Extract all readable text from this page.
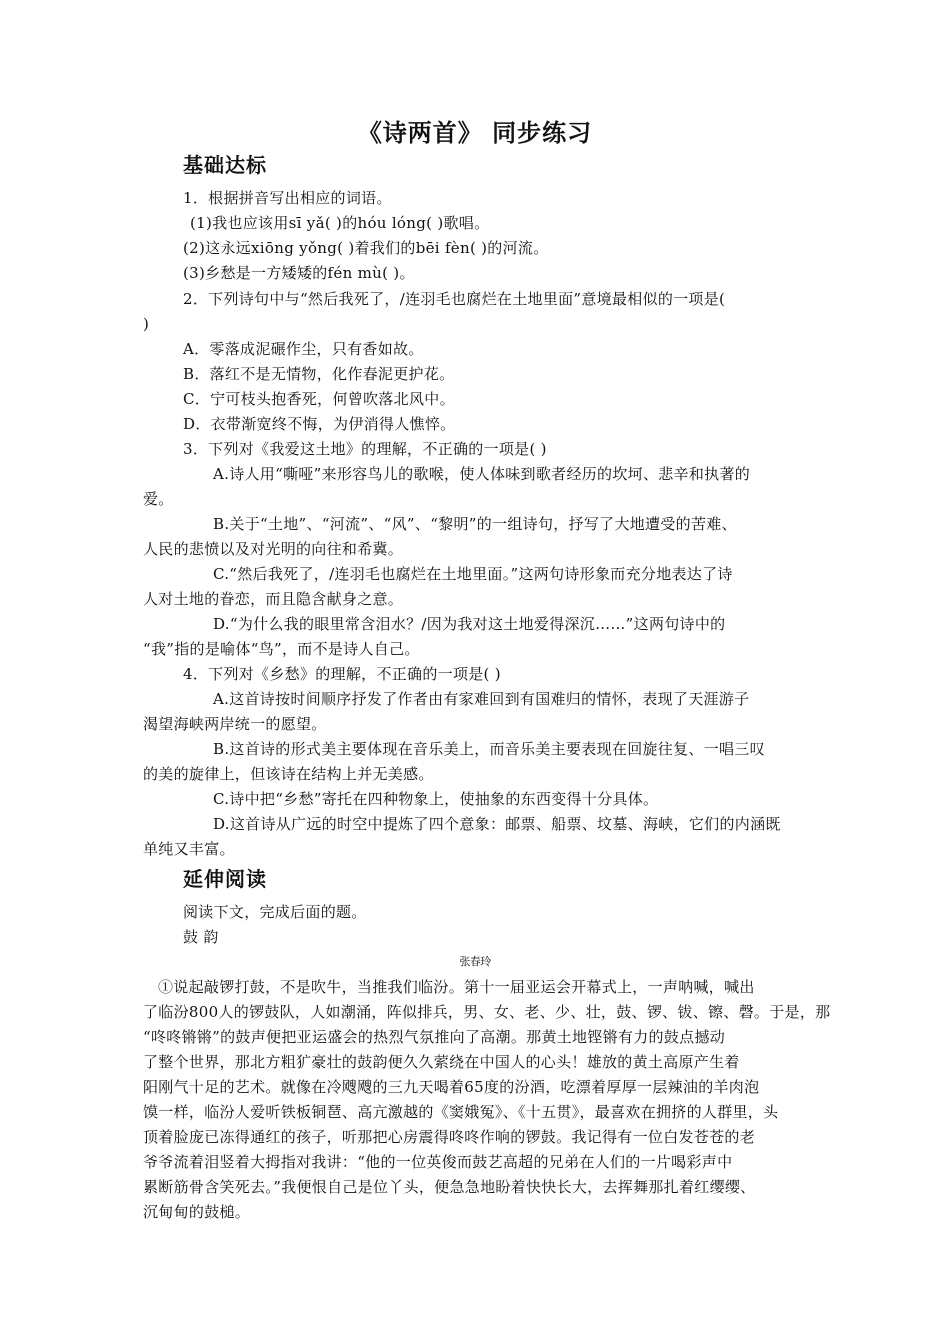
《诗两首》 同步练习
基础达标
1．根据拼音写出相应的词语。
(1)我也应该用sī yǎ( )的hóu lóng( )歌唱。
(2)这永远xiōng yǒng( )着我们的bēi fèn( )的河流。
(3)乡愁是一方矮矮的fén mù( )。
2．下列诗句中与“然后我死了，/连羽毛也腐烂在土地里面”意境最相似的一项是(
)
A．零落成泥碾作尘，只有香如故。
B．落红不是无情物，化作春泥更护花。
C．宁可枝头抱香死，何曾吹落北风中。
D．衣带渐宽终不悔，为伊消得人憔悴。
3．下列对《我爱这土地》的理解，不正确的一项是( )
A.诗人用“嘶哑”来形容鸟儿的歌喉，使人体味到歌者经历的坎坷、悲辛和执著的
爱。
B.关于“土地”、“河流”、“风”、“黎明”的一组诗句，抒写了大地遭受的苦难、
人民的悲愤以及对光明的向往和希冀。
C.“然后我死了，/连羽毛也腐烂在土地里面。”这两句诗形象而充分地表达了诗
人对土地的眷恋，而且隐含献身之意。
D.“为什么我的眼里常含泪水？/因为我对这土地爱得深沉……”这两句诗中的
“我”指的是喻体“鸟”，而不是诗人自己。
4．下列对《乡愁》的理解，不正确的一项是( )
A.这首诗按时间顺序抒发了作者由有家难回到有国难归的情怀，表现了天涯游子
渴望海峡两岸统一的愿望。
B.这首诗的形式美主要体现在音乐美上，而音乐美主要表现在回旋往复、一唱三叹
的美的旋律上，但该诗在结构上并无美感。
C.诗中把“乡愁”寄托在四种物象上，使抽象的东西变得十分具体。
D.这首诗从广远的时空中提炼了四个意象：邮票、船票、坟墓、海峡，它们的内涵既
单纯又丰富。
延伸阅读
阅读下文，完成后面的题。
鼓 韵
张春玲
①说起敲锣打鼓，不是吹牛，当推我们临汾。第十一届亚运会开幕式上，一声呐喊，喊出
了临汾800人的锣鼓队，人如潮涌，阵似排兵，男、女、老、少、壮，鼓、锣、钹、镲、磬。于是，那
“咚咚锵锵”的鼓声便把亚运盛会的热烈气氛推向了高潮。那黄土地铿锵有力的鼓点撼动
了整个世界，那北方粗犷豪壮的鼓韵便久久萦绕在中国人的心头！雄放的黄土高原产生着
阳刚气十足的艺术。就像在冷飕飕的三九天喝着65度的汾酒，吃漂着厚厚一层辣油的羊肉泡
馍一样，临汾人爱听铁板铜琶、高亢激越的《窦娥冤》、《十五贯》，最喜欢在拥挤的人群里，头
顶着脸庞已冻得通红的孩子，听那把心房震得咚咚作响的锣鼓。我记得有一位白发苍苍的老
爷爷流着泪竖着大拇指对我讲：“他的一位英俊而鼓艺高超的兄弟在人们的一片喝彩声中
累断筋骨含笑死去。”我便恨自己是位丫头，便急急地盼着快快长大，去挥舞那扎着红缨缨、
沉甸甸的鼓槌。
